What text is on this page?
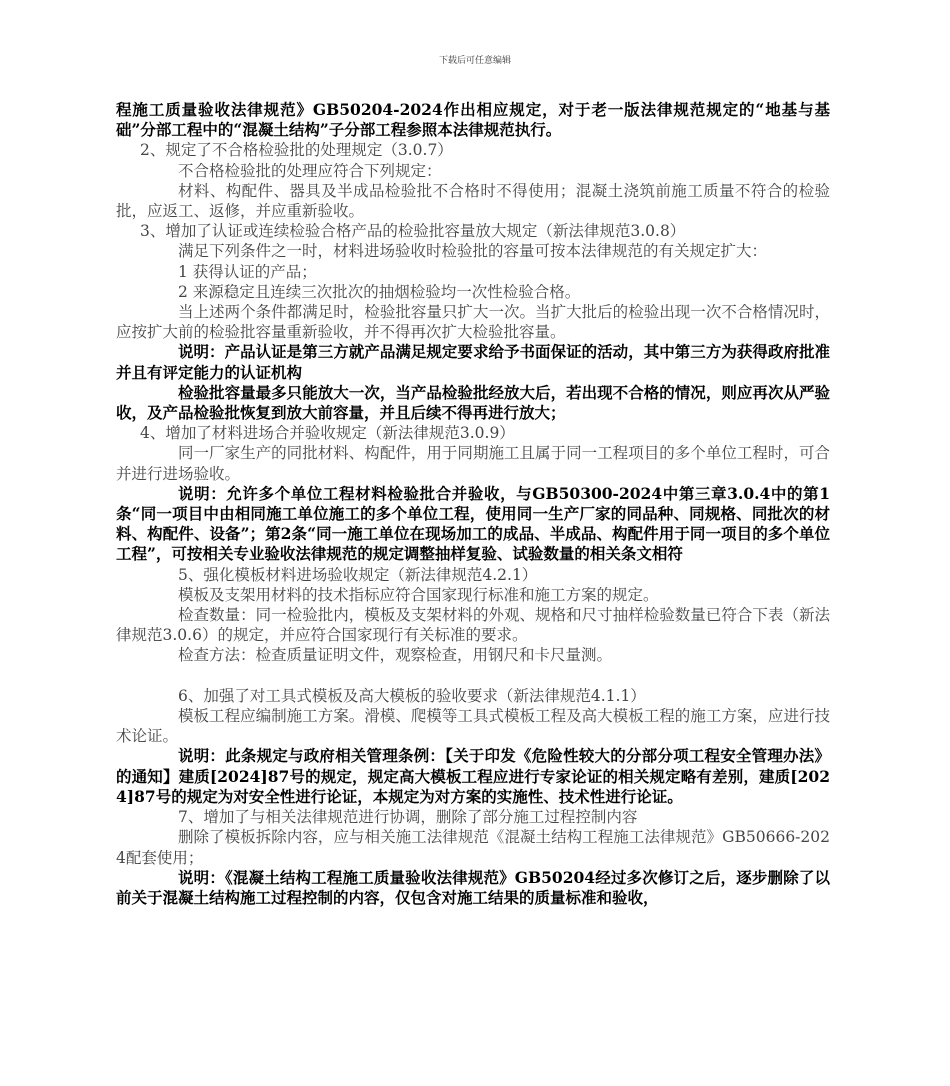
下载后可任意编辑

程施工质量验收法律规范》GB50204-2024作出相应规定，对于老一版法律规范规定的“地基与基础”分部工程中的“混凝土结构”子分部工程参照本法律规范执行。

2、规定了不合格检验批的处理规定（3.0.7）

不合格检验批的处理应符合下列规定：

材料、构配件、器具及半成品检验批不合格时不得使用；混凝土浇筑前施工质量不符合的检验批，应返工、返修，并应重新验收。

3、增加了认证或连续检验合格产品的检验批容量放大规定（新法律规范3.0.8）

满足下列条件之一时，材料进场验收时检验批的容量可按本法律规范的有关规定扩大：

1 获得认证的产品；

2 来源稳定且连续三次批次的抽烟检验均一次性检验合格。

当上述两个条件都满足时，检验批容量只扩大一次。当扩大批后的检验出现一次不合格情况时，应按扩大前的检验批容量重新验收，并不得再次扩大检验批容量。

说明：产品认证是第三方就产品满足规定要求给予书面保证的活动，其中第三方为获得政府批准并且有评定能力的认证机构

检验批容量最多只能放大一次，当产品检验批经放大后，若出现不合格的情况，则应再次从严验收，及产品检验批恢复到放大前容量，并且后续不得再进行放大；

4、增加了材料进场合并验收规定（新法律规范3.0.9）

同一厂家生产的同批材料、构配件，用于同期施工且属于同一工程项目的多个单位工程时，可合并进行进场验收。

说明：允许多个单位工程材料检验批合并验收，与GB50300-2024中第三章3.0.4中的第1条“同一项目中由相同施工单位施工的多个单位工程，使用同一生产厂家的同品种、同规格、同批次的材料、构配件、设备”；第2条“同一施工单位在现场加工的成品、半成品、构配件用于同一项目的多个单位工程”，可按相关专业验收法律规范的规定调整抽样复验、试验数量的相关条文相符

5、强化模板材料进场验收规定（新法律规范4.2.1）

模板及支架用材料的技术指标应符合国家现行标准和施工方案的规定。

检查数量：同一检验批内，模板及支架材料的外观、规格和尺寸抽样检验数量已符合下表（新法律规范3.0.6）的规定，并应符合国家现行有关标准的要求。

检查方法：检查质量证明文件，观察检查，用钢尺和卡尺量测。

6、加强了对工具式模板及高大模板的验收要求（新法律规范4.1.1）

模板工程应编制施工方案。滑模、爬模等工具式模板工程及高大模板工程的施工方案，应进行技术论证。

说明：此条规定与政府相关管理条例：【关于印发《危险性较大的分部分项工程安全管理办法》的通知】建质[2024]87号的规定，规定高大模板工程应进行专家论证的相关规定略有差别，建质[2024]87号的规定为对安全性进行论证，本规定为对方案的实施性、技术性进行论证。

7、增加了与相关法律规范进行协调，删除了部分施工过程控制内容

删除了模板拆除内容，应与相关施工法律规范《混凝土结构工程施工法律规范》GB50666-2024配套使用；

说明：《混凝土结构工程施工质量验收法律规范》GB50204经过多次修订之后，逐步删除了以前关于混凝土结构施工过程控制的内容，仅包含对施工结果的质量标准和验收，
